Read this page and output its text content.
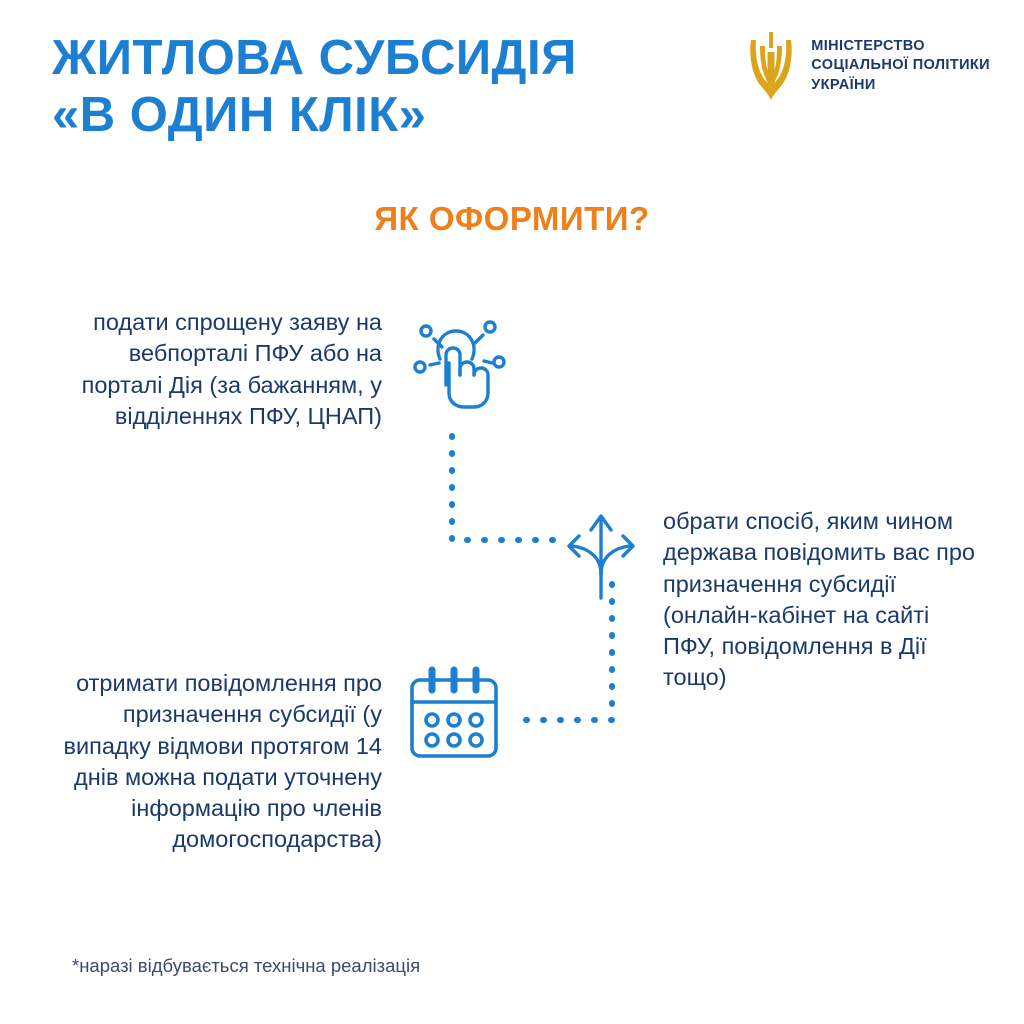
ЖИТЛОВА СУБСИДІЯ
«В ОДИН КЛІК»
МІНІСТЕРСТВО
СОЦІАЛЬНОЇ ПОЛІТИКИ
УКРАЇНИ
ЯК ОФОРМИТИ?
подати спрощену заяву на вебпорталі ПФУ або на порталі Дія (за бажанням, у відділеннях ПФУ, ЦНАП)
обрати спосіб, яким чином держава повідомить вас про призначення субсидії (онлайн-кабінет на сайті ПФУ, повідомлення в Дії тощо)
отримати повідомлення про призначення субсидії (у випадку відмови протягом 14 днів можна подати уточнену інформацію про членів домогосподарства)
*наразі відбувається технічна реалізація
